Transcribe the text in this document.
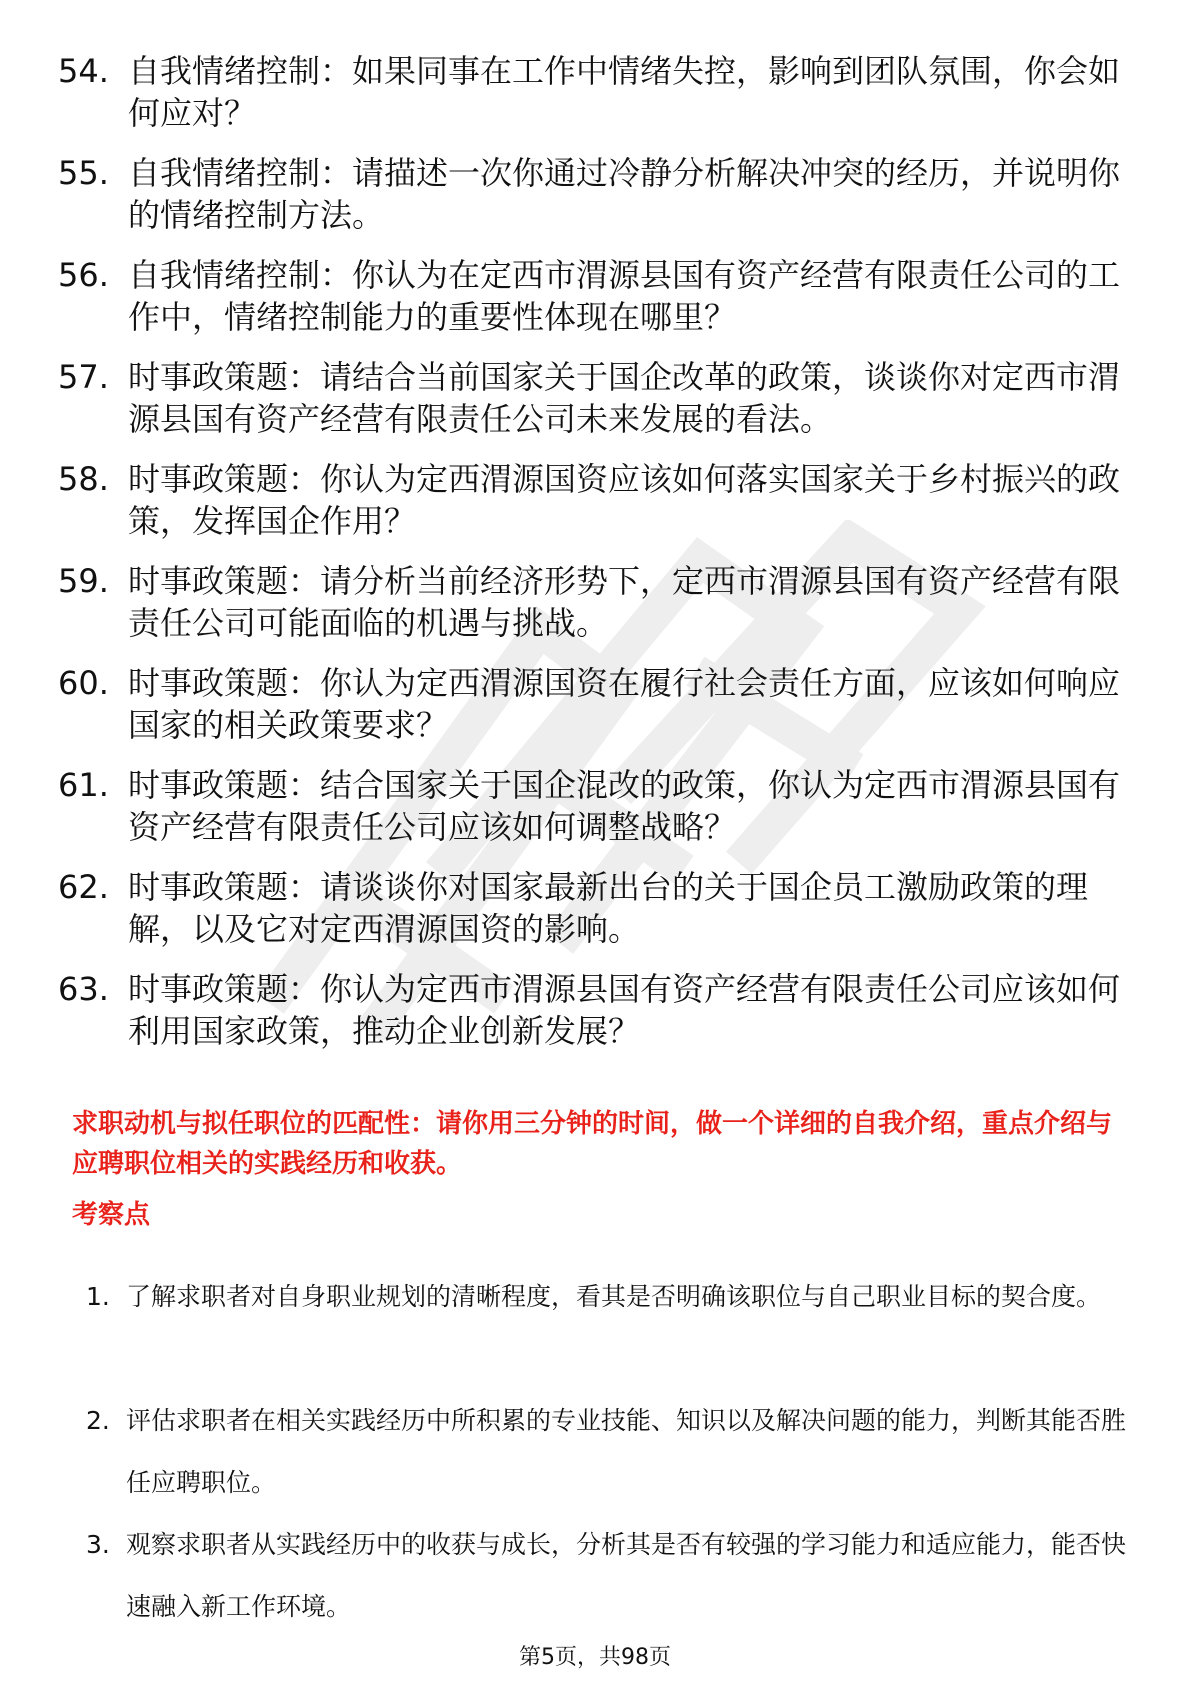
54. 自我情绪控制：如果同事在工作中情绪失控，影响到团队氛围，你会如何应对？
55. 自我情绪控制：请描述一次你通过冷静分析解决冲突的经历，并说明你的情绪控制方法。
56. 自我情绪控制：你认为在定西市渭源县国有资产经营有限责任公司的工作中，情绪控制能力的重要性体现在哪里？
57. 时事政策题：请结合当前国家关于国企改革的政策，谈谈你对定西市渭源县国有资产经营有限责任公司未来发展的看法。
58. 时事政策题：你认为定西渭源国资应该如何落实国家关于乡村振兴的政策，发挥国企作用？
59. 时事政策题：请分析当前经济形势下，定西市渭源县国有资产经营有限责任公司可能面临的机遇与挑战。
60. 时事政策题：你认为定西渭源国资在履行社会责任方面，应该如何响应国家的相关政策要求？
61. 时事政策题：结合国家关于国企混改的政策，你认为定西市渭源县国有资产经营有限责任公司应该如何调整战略？
62. 时事政策题：请谈谈你对国家最新出台的关于国企员工激励政策的理解，以及它对定西渭源国资的影响。
63. 时事政策题：你认为定西市渭源县国有资产经营有限责任公司应该如何利用国家政策，推动企业创新发展？
求职动机与拟任职位的匹配性：请你用三分钟的时间，做一个详细的自我介绍，重点介绍与应聘职位相关的实践经历和收获。
考察点
1. 了解求职者对自身职业规划的清晰程度，看其是否明确该职位与自己职业目标的契合度。
2. 评估求职者在相关实践经历中所积累的专业技能、知识以及解决问题的能力，判断其能否胜任应聘职位。
3. 观察求职者从实践经历中的收获与成长，分析其是否有较强的学习能力和适应能力，能否快速融入新工作环境。
第5页，共98页
